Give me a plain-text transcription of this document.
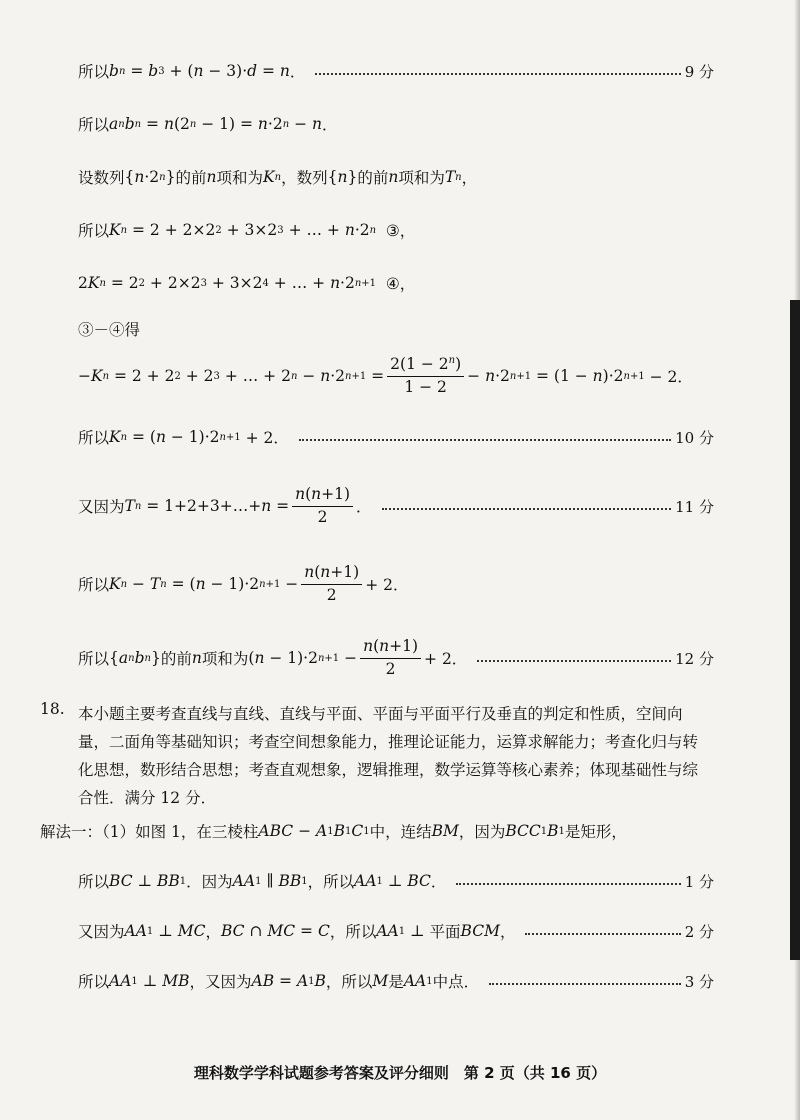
所以 b n = b 3 + ( n − 3)· d = n ．	9 分
所以 a n b n = n (2 n − 1) = n ·2 n − n ．
设数列 { n ·2 n } 的前 n 项和为 K n ，数列 { n } 的前 n 项和为 T n ，
所以 K n = 2 + 2×2 2 + 3×2 3 + … + n ·2 n ③，
2 K n = 2 2 + 2×2 3 + 3×2 4 + … + n ·2 n+1 ④，
③－④得
− K n = 2 + 2 2 + 2 3 + … + 2 n − n ·2 $n+1 = \frac{2(1 - 2^n)}{1 - 2} - n \cdot 2$ n+1 = (1 − n )·2 n+1 − 2．
所以 K n = ( n − 1)·2 n+1 + 2．	10 分
又因为 T n = 1+2+3+…+ $n = \frac{n(n+1)}{2}$ ．	11 分
所以 K n − T n = ( n − 1)·2 $n+1 - \frac{n(n+1)}{2} + 2$．
所以 { a n b n } 的前 n 项和为 ( n − 1)·2 $n+1 - \frac{n(n+1)}{2} + 2$．	12 分
18. 本小题主要考查直线与直线、直线与平面、平面与平面平行及垂直的判定和性质，空间向量，二面角等基础知识；考查空间想象能力，推理论证能力，运算求解能力；考查化归与转化思想，数形结合思想；考查直观想象，逻辑推理，数学运算等核心素养；体现基础性与综合性．满分 12 分．
解法一：（1）如图 1，在三棱柱 ABC − A 1 B 1 C 1 中，连结 BM ，因为 BCC 1 B 1 是矩形，
所以 BC ⊥ BB 1 ．因为 AA 1 ∥ BB 1 ，所以 AA 1 ⊥ BC ．	1 分
又因为 AA 1 ⊥ MC ， BC ∩ MC = C ，所以 AA 1 ⊥ 平面 BCM ，	2 分
所以 AA 1 ⊥ MB ，又因为 AB = A 1 B ，所以 M 是 AA 1 中点．	3 分
理科数学学科试题参考答案及评分细则　第 2 页（共 16 页）
